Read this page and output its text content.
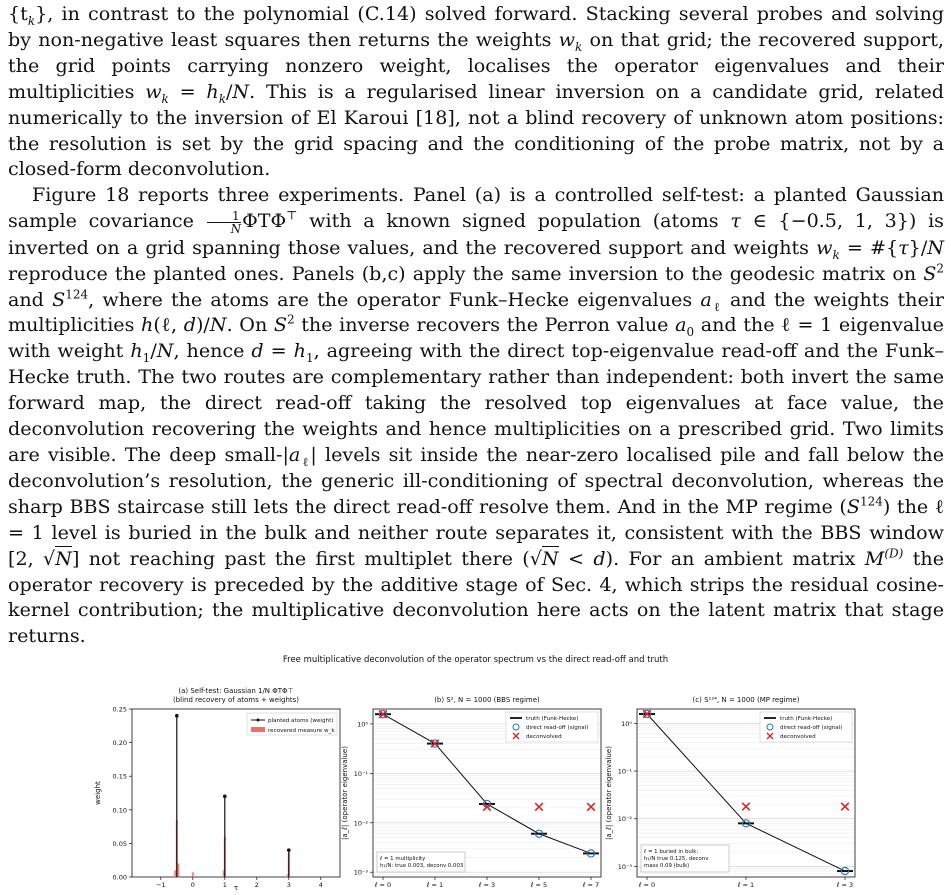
$\{t_k\}$, in contrast to the polynomial (C.14) solved forward. Stacking several probes and solving by non-negative least squares then returns the weights $w_k$ on that grid; the recovered support, the grid points carrying nonzero weight, localises the operator eigenvalues and their multiplicities $w_k = h_k/N$. This is a regularised linear inversion on a candidate grid, related numerically to the inversion of El Karoui [18], not a blind recovery of unknown atom positions: the resolution is set by the grid spacing and the conditioning of the probe matrix, not by a closed-form deconvolution.

Figure 18 reports three experiments. Panel (a) is a controlled self-test: a planted Gaussian sample covariance $\frac{1}{N} \Phi T\Phi^⊤$ with a known signed population (atoms τ ∈ {−0.5, 1, 3}) is inverted on a grid spanning those values, and the recovered support and weights $w_k$ = #{τ}/N reproduce the planted ones. Panels (b,c) apply the same inversion to the geodesic matrix on $S^2$ and $S^{124}$, where the atoms are the operator Funk–Hecke eigenvalues $a_\ell$ and the weights their multiplicities h(ℓ, d)/N. On $S^2$ the inverse recovers the Perron value $a_0$ and the ℓ = 1 eigenvalue with weight $h_1/N$, hence $d = h_1$, agreeing with the direct top-eigenvalue read-off and the Funk–Hecke truth. The two routes are complementary rather than independent: both invert the same forward map, the direct read-off taking the resolved top eigenvalues at face value, the deconvolution recovering the weights and hence multiplicities on a prescribed grid. Two limits are visible. The deep small-$|a_\ell|$ levels sit inside the near-zero localised pile and fall below the deconvolution’s resolution, the generic ill-conditioning of spectral deconvolution, whereas the sharp BBS staircase still lets the direct read-off resolve them. And in the MP regime $(S^{124})$ the ℓ = 1 level is buried in the bulk and neither route separates it, consistent with the BBS window [2, √N] not reaching past the first multiplet there (√N < d). For an ambient matrix $M^{(D)}$ the operator recovery is preceded by the additive stage of Sec. 4, which strips the residual cosine-kernel contribution; the multiplicative deconvolution here acts on the latent matrix that stage returns.

Free multiplicative deconvolution of the operator spectrum vs the direct read-off and truth
(a) Self-test: Gaussian 1/N ΦTΦ⊤
(blind recovery of atoms + weights)
0.00
0.05
0.10
0.15
0.20
0.25
−1	0	1	2	3	4
τ
weight
planted atoms (weight)
recovered measure w_k
(b) S², N = 1000 (BBS regime)
10⁰
10⁻¹
10⁻²
10⁻³
ℓ = 0	ℓ = 1	ℓ = 3	ℓ = 5	ℓ = 7
|a_ℓ| (operator eigenvalue)
truth (Funk-Hecke)
direct read-off (signal)
deconvolved
ℓ = 1 multiplicity
h₁/N: true 0.003, deconv 0.003
(c) S¹²⁴, N = 1000 (MP regime)
10⁰
10⁻¹
10⁻²
10⁻³
ℓ = 0	ℓ = 1	ℓ = 3
|a_ℓ| (operator eigenvalue)
truth (Funk-Hecke)
direct read-off (signal)
deconvolved
ℓ = 1 buried in bulk:
h₁/N true 0.125, deconv
mass 0.09 (bulk)
